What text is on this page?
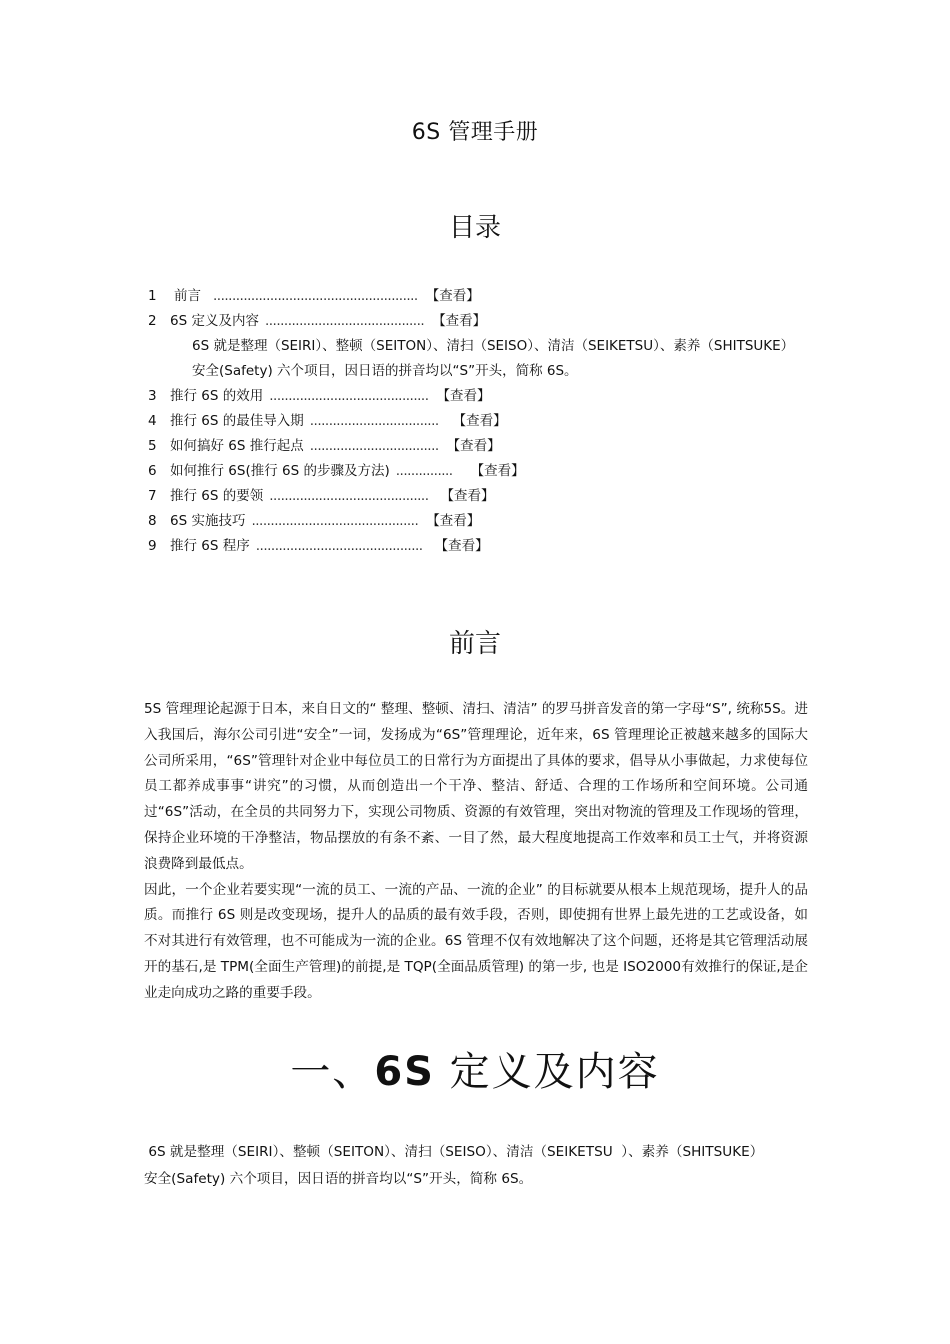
6S 管理手册
目录
1	前言 ...................................................... 【查看】
2 6S 定义及内容 .......................................... 【查看】
6S 就是整理（SEIRI）、整顿（SEITON）、清扫（SEISO）、清洁（SEIKETSU）、素养（SHITSUKE）
安全(Safety) 六个项目，因日语的拼音均以“S”开头，简称 6S。
3 推行 6S 的效用 .......................................... 【查看】
4 推行 6S 的最佳导入期 .................................. 【查看】
5 如何搞好 6S 推行起点 .................................. 【查看】
6 如何推行 6S(推行 6S 的步骤及方法) ............... 【查看】
7 推行 6S 的要领 .......................................... 【查看】
8 6S 实施技巧 ............................................ 【查看】
9 推行 6S 程序 ............................................ 【查看】
前言

5S 管理理论起源于日本，来自日文的“ 整理、整顿、清扫、清洁” 的罗马拼音发音的第一字母“S”, 统称5S。进入我国后，海尔公司引进“安全”一词，发扬成为“6S”管理理论，近年来，6S 管理理论正被越来越多的国际大公司所采用，“6S”管理针对企业中每位员工的日常行为方面提出了具体的要求，倡导从小事做起，力求使每位员工都养成事事“讲究”的习惯，从而创造出一个干净、整洁、舒适、合理的工作场所和空间环境。公司通过“6S”活动，在全员的共同努力下，实现公司物质、资源的有效管理，突出对物流的管理及工作现场的管理，保持企业环境的干净整洁，物品摆放的有条不紊、一目了然，最大程度地提高工作效率和员工士气，并将资源浪费降到最低点。

因此，一个企业若要实现“一流的员工、一流的产品、一流的企业” 的目标就要从根本上规范现场，提升人的品质。而推行 6S 则是改变现场，提升人的品质的最有效手段，否则，即使拥有世界上最先进的工艺或设备，如不对其进行有效管理，也不可能成为一流的企业。6S 管理不仅有效地解决了这个问题，还将是其它管理活动展开的基石,是 TPM(全面生产管理)的前提,是 TQP(全面品质管理) 的第一步, 也是 ISO2000有效推行的保证,是企业走向成功之路的重要手段。

一、6S 定义及内容

6S 就是整理（SEIRI）、整顿（SEITON）、清扫（SEISO）、清洁（SEIKETSU  ）、素养（SHITSUKE）

安全(Safety) 六个项目，因日语的拼音均以“S”开头，简称 6S。
